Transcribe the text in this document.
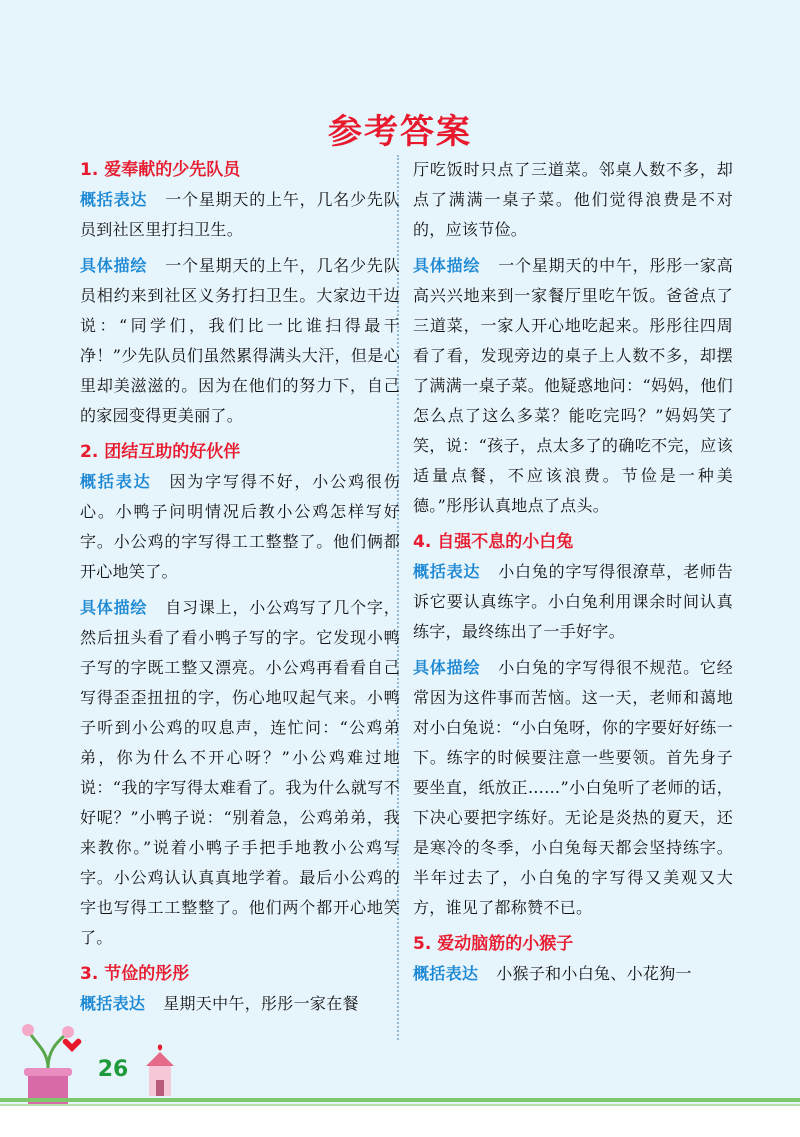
参考答案

1. 爱奉献的少先队员

概括表达 一个星期天的上午，几名少先队员到社区里打扫卫生。

具体描绘 一个星期天的上午，几名少先队员相约来到社区义务打扫卫生。大家边干边说：“同学们，我们比一比谁扫得最干净！”少先队员们虽然累得满头大汗，但是心里却美滋滋的。因为在他们的努力下，自己的家园变得更美丽了。

2. 团结互助的好伙伴

概括表达 因为字写得不好，小公鸡很伤心。小鸭子问明情况后教小公鸡怎样写好字。小公鸡的字写得工工整整了。他们俩都开心地笑了。

具体描绘 自习课上，小公鸡写了几个字，然后扭头看了看小鸭子写的字。它发现小鸭子写的字既工整又漂亮。小公鸡再看看自己写得歪歪扭扭的字，伤心地叹起气来。小鸭子听到小公鸡的叹息声，连忙问：“公鸡弟弟，你为什么不开心呀？”小公鸡难过地说：“我的字写得太难看了。我为什么就写不好呢？”小鸭子说：“别着急，公鸡弟弟，我来教你。”说着小鸭子手把手地教小公鸡写字。小公鸡认认真真地学着。最后小公鸡的字也写得工工整整了。他们两个都开心地笑了。

3. 节俭的彤彤

概括表达 星期天中午，彤彤一家在餐

厅吃饭时只点了三道菜。邻桌人数不多，却点了满满一桌子菜。他们觉得浪费是不对的，应该节俭。

具体描绘 一个星期天的中午，彤彤一家高高兴兴地来到一家餐厅里吃午饭。爸爸点了三道菜，一家人开心地吃起来。彤彤往四周看了看，发现旁边的桌子上人数不多，却摆了满满一桌子菜。他疑惑地问：“妈妈，他们怎么点了这么多菜？能吃完吗？”妈妈笑了笑，说：“孩子，点太多了的确吃不完，应该适量点餐，不应该浪费。节俭是一种美德。”彤彤认真地点了点头。

4. 自强不息的小白兔

概括表达 小白兔的字写得很潦草，老师告诉它要认真练字。小白兔利用课余时间认真练字，最终练出了一手好字。

具体描绘 小白兔的字写得很不规范。它经常因为这件事而苦恼。这一天，老师和蔼地对小白兔说：“小白兔呀，你的字要好好练一下。练字的时候要注意一些要领。首先身子要坐直，纸放正……”小白兔听了老师的话，下决心要把字练好。无论是炎热的夏天，还是寒冷的冬季，小白兔每天都会坚持练字。半年过去了，小白兔的字写得又美观又大方，谁见了都称赞不已。

5. 爱动脑筋的小猴子

概括表达 小猴子和小白兔、小花狗一

26
